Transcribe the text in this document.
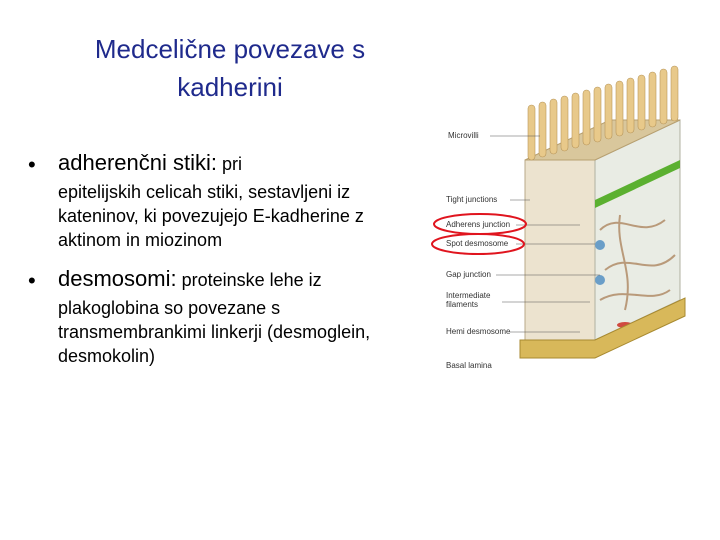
Medcelične povezave s
kadherini
• adherenčni stiki: pri
epitelijskih celicah stiki, sestavljeni iz kateninov, ki povezujejo E-kadherine z aktinom in miozinom
• desmosomi: proteinske lehe iz
plakoglobina so povezane s transmembrankimi linkerji (desmoglein, desmokolin)
Microvilli
Tight junctions
Adherens junction
Spot desmosome
Gap junction
Intermediate
filaments
Hemi desmosome
Basal lamina
